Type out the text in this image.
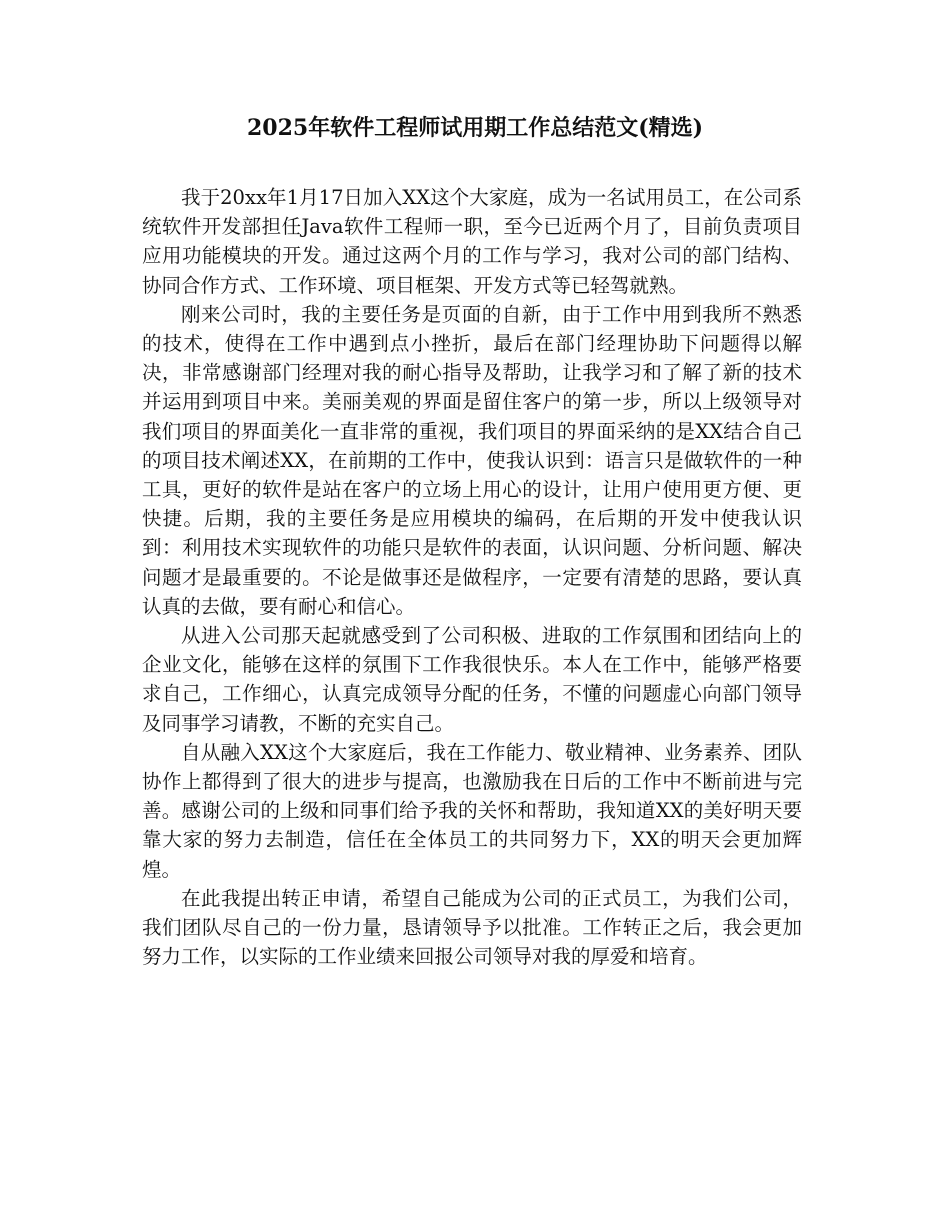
2025年软件工程师试用期工作总结范文(精选)

我于20xx年1月17日加入XX这个大家庭，成为一名试用员工，在公司系统软件开发部担任Java软件工程师一职，至今已近两个月了，目前负责项目应用功能模块的开发。通过这两个月的工作与学习，我对公司的部门结构、协同合作方式、工作环境、项目框架、开发方式等已轻驾就熟。

刚来公司时，我的主要任务是页面的自新，由于工作中用到我所不熟悉的技术，使得在工作中遇到点小挫折，最后在部门经理协助下问题得以解决，非常感谢部门经理对我的耐心指导及帮助，让我学习和了解了新的技术并运用到项目中来。美丽美观的界面是留住客户的第一步，所以上级领导对我们项目的界面美化一直非常的重视，我们项目的界面采纳的是XX结合自己的项目技术阐述XX，在前期的工作中，使我认识到：语言只是做软件的一种工具，更好的软件是站在客户的立场上用心的设计，让用户使用更方便、更快捷。后期，我的主要任务是应用模块的编码，在后期的开发中使我认识到：利用技术实现软件的功能只是软件的表面，认识问题、分析问题、解决问题才是最重要的。不论是做事还是做程序，一定要有清楚的思路，要认真认真的去做，要有耐心和信心。

从进入公司那天起就感受到了公司积极、进取的工作氛围和团结向上的企业文化，能够在这样的氛围下工作我很快乐。本人在工作中，能够严格要求自己，工作细心，认真完成领导分配的任务，不懂的问题虚心向部门领导及同事学习请教，不断的充实自己。

自从融入XX这个大家庭后，我在工作能力、敬业精神、业务素养、团队协作上都得到了很大的进步与提高，也激励我在日后的工作中不断前进与完善。感谢公司的上级和同事们给予我的关怀和帮助，我知道XX的美好明天要靠大家的努力去制造，信任在全体员工的共同努力下，XX的明天会更加辉煌。

在此我提出转正申请，希望自己能成为公司的正式员工，为我们公司，我们团队尽自己的一份力量，恳请领导予以批准。工作转正之后，我会更加努力工作，以实际的工作业绩来回报公司领导对我的厚爱和培育。
